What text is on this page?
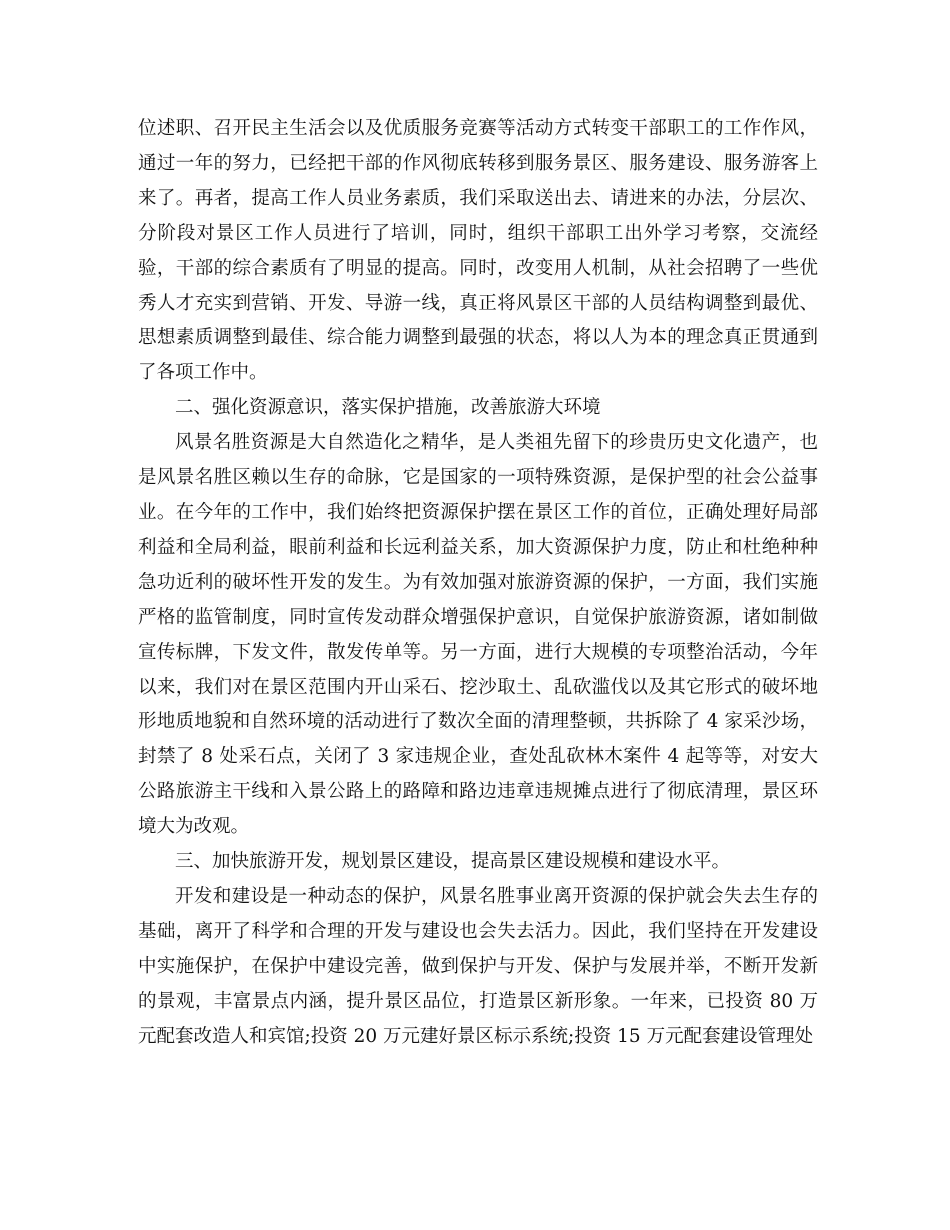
位述职、召开民主生活会以及优质服务竞赛等活动方式转变干部职工的工作作风，通过一年的努力，已经把干部的作风彻底转移到服务景区、服务建设、服务游客上来了。再者，提高工作人员业务素质，我们采取送出去、请进来的办法，分层次、分阶段对景区工作人员进行了培训，同时，组织干部职工出外学习考察，交流经验，干部的综合素质有了明显的提高。同时，改变用人机制，从社会招聘了一些优秀人才充实到营销、开发、导游一线，真正将风景区干部的人员结构调整到最优、思想素质调整到最佳、综合能力调整到最强的状态，将以人为本的理念真正贯通到了各项工作中。

二、强化资源意识，落实保护措施，改善旅游大环境

风景名胜资源是大自然造化之精华，是人类祖先留下的珍贵历史文化遗产，也是风景名胜区赖以生存的命脉，它是国家的一项特殊资源，是保护型的社会公益事业。在今年的工作中，我们始终把资源保护摆在景区工作的首位，正确处理好局部利益和全局利益，眼前利益和长远利益关系，加大资源保护力度，防止和杜绝种种急功近利的破坏性开发的发生。为有效加强对旅游资源的保护，一方面，我们实施严格的监管制度，同时宣传发动群众增强保护意识，自觉保护旅游资源，诸如制做宣传标牌，下发文件，散发传单等。另一方面，进行大规模的专项整治活动，今年以来，我们对在景区范围内开山采石、挖沙取土、乱砍滥伐以及其它形式的破坏地形地质地貌和自然环境的活动进行了数次全面的清理整顿，共拆除了 4 家采沙场，封禁了 8 处采石点，关闭了 3 家违规企业，查处乱砍林木案件 4 起等等，对安大公路旅游主干线和入景公路上的路障和路边违章违规摊点进行了彻底清理，景区环境大为改观。

三、加快旅游开发，规划景区建设，提高景区建设规模和建设水平。

开发和建设是一种动态的保护，风景名胜事业离开资源的保护就会失去生存的基础，离开了科学和合理的开发与建设也会失去活力。因此，我们坚持在开发建设中实施保护，在保护中建设完善，做到保护与开发、保护与发展并举，不断开发新的景观，丰富景点内涵，提升景区品位，打造景区新形象。一年来，已投资 80 万元配套改造人和宾馆;投资 20 万元建好景区标示系统;投资 15 万元配套建设管理处
